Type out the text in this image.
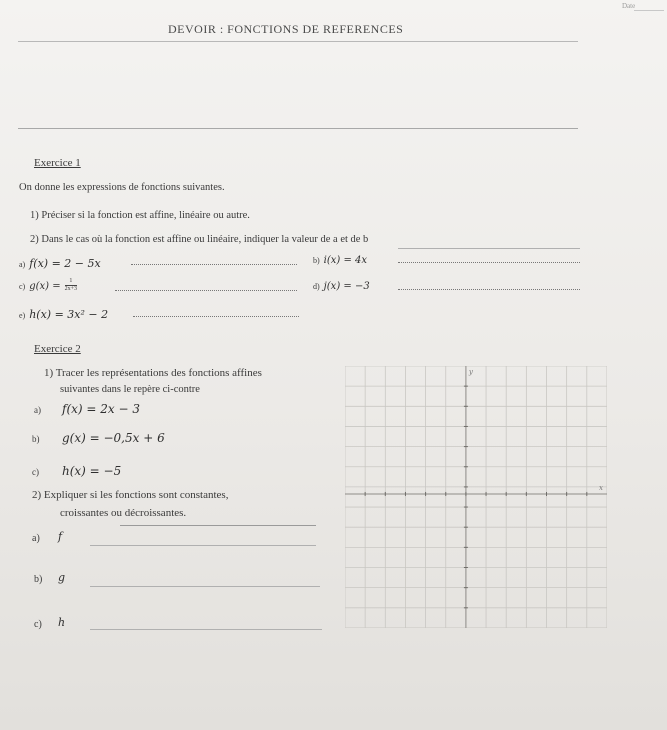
Date
DEVOIR : FONCTIONS DE REFERENCES
Exercice 1
On donne les expressions de fonctions suivantes.
1) Préciser si la fonction est affine, linéaire ou autre.
2) Dans le cas où la fonction est affine ou linéaire, indiquer la valeur de a et de b
a) f(x) = 2 − 5x	b) i(x) = 4x
c) $g(x) = \frac{1}{2x+3}$	d) j(x) = −3
e) h(x) = 3x² − 2
Exercice 2
1) Tracer les représentations des fonctions affines
suivantes dans le repère ci-contre
a) f(x) = 2x − 3
b) g(x) = −0,5x + 6
c) h(x) = −5
2) Expliquer si les fonctions sont constantes,
croissantes ou décroissantes.
a) f
b) g
c) h
y
x
